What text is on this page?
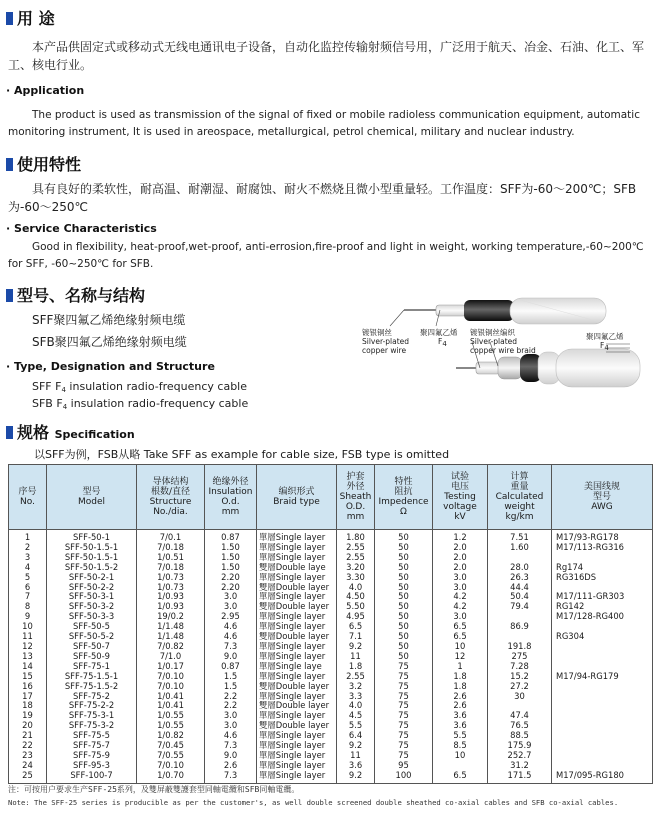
用 途
本产品供固定式或移动式无线电通讯电子设备，自动化监控传输射频信号用，广泛用于航天、冶金、石油、化工、军工、核电行业。
· Application
The product is used as transmission of the signal of fixed or mobile radioless communication equipment, automatic monitoring instrument, It is used in areospace, metallurgical, petrol chemical, military and nuclear industry.
使用特性
具有良好的柔软性，耐高温、耐潮湿、耐腐蚀、耐火不燃烧且微小型重量轻。工作温度：SFF为-60～200℃；SFB为-60～250℃
· Service Characteristics
Good in flexibility, heat-proof,wet-proof, anti-errosion,fire-proof and light in weight, working temperature,-60~200℃ for SFF, -60~250℃ for SFB.
型号、名称与结构
SFF聚四氟乙烯绝缘射频电缆
SFB聚四氟乙烯绝缘射频电缆
· Type, Designation and Structure
SFF F4 insulation radio-frequency cable
SFB F4 insulation radio-frequency cable
镀银铜丝
Silver-plated
copper wire
聚四氟乙烯
F4
镀银铜丝编织
Silver-plated
copper wire braid
聚四氟乙烯
F4
规格 Specification
以SFF为例，FSB从略 Take SFF as example for cable size, FSB type is omitted
序号
No.	型号
Model	导体结构
根数/直径
Structure
No./dia.	绝缘外径
Insulation
O.d.
mm	编织形式
Braid type	护套
外径
Sheath
O.D.
mm	特性
阻抗
Impedence
Ω	试验
电压
Testing
voltage
kV	计算
重量
Calculated
weight
kg/km	美国线规
型号
AWG
1	SFF-50-1	7/0.1	0.87	單層Single layer	1.80	50	1.2	7.51	M17/93-RG178
2	SFF-50-1.5-1	7/0.18	1.50	單層Single layer	2.55	50	2.0	1.60	M17/113-RG316
3	SFF-50-1.5-1	1/0.51	1.50	單層Single layer	2.55	50	2.0		
4	SFF-50-1.5-2	7/0.18	1.50	雙層Double laye	3.20	50	2.0	28.0	Rg174
5	SFF-50-2-1	1/0.73	2.20	單層Single layer	3.30	50	3.0	26.3	RG316DS
6	SFF-50-2-2	1/0.73	2.20	雙層Double layer	4.0	50	3.0	44.4	
7	SFF-50-3-1	1/0.93	3.0	單層Single layer	4.50	50	4.2	50.4	M17/111-GR303
8	SFF-50-3-2	1/0.93	3.0	雙層Double layer	5.50	50	4.2	79.4	RG142
9	SFF-50-3-3	19/0.2	2.95	單層Single layer	4.95	50	3.0		M17/128-RG400
10	SFF-50-5	1/1.48	4.6	單層Single layer	6.5	50	6.5	86.9	
11	SFF-50-5-2	1/1.48	4.6	雙層Double layer	7.1	50	6.5		RG304
12	SFF-50-7	7/0.82	7.3	單層Single layer	9.2	50	10	191.8	
13	SFF-50-9	7/1.0	9.0	單層Single layer	11	50	12	275	
14	SFF-75-1	1/0.17	0.87	單層Single laye	1.8	75	1	7.28	
15	SFF-75-1.5-1	7/0.10	1.5	單層Single layer	2.55	75	1.8	15.2	M17/94-RG179
16	SFF-75-1.5-2	7/0.10	1.5	雙層Double layer	3.2	75	1.8	27.2	
17	SFF-75-2	1/0.41	2.2	單層Single layer	3.3	75	2.6	30	
18	SFF-75-2-2	1/0.41	2.2	雙層Double layer	4.0	75	2.6		
19	SFF-75-3-1	1/0.55	3.0	單層Single layer	4.5	75	3.6	47.4	
20	SFF-75-3-2	1/0.55	3.0	雙層Double layer	5.5	75	3.6	76.5	
21	SFF-75-5	1/0.82	4.6	單層Single layer	6.4	75	5.5	88.5	
22	SFF-75-7	7/0.45	7.3	單層Single layer	9.2	75	8.5	175.9	
23	SFF-75-9	7/0.55	9.0	單層Single layer	11	75	10	252.7	
24	SFF-95-3	7/0.10	2.6	單層Single layer	3.6	95		31.2	
25	SFF-100-7	1/0.70	7.3	單層Single layer	9.2	100	6.5	171.5	M17/095-RG180
注：可按用户要求生产SFF-25系列，及雙屏蔽雙護套型同軸電纜和SFB同軸電纜。
Note: The SFF-25 series is producible as per the customer's, as well double screened double sheathed co-axial cables and SFB co-axial cables.
